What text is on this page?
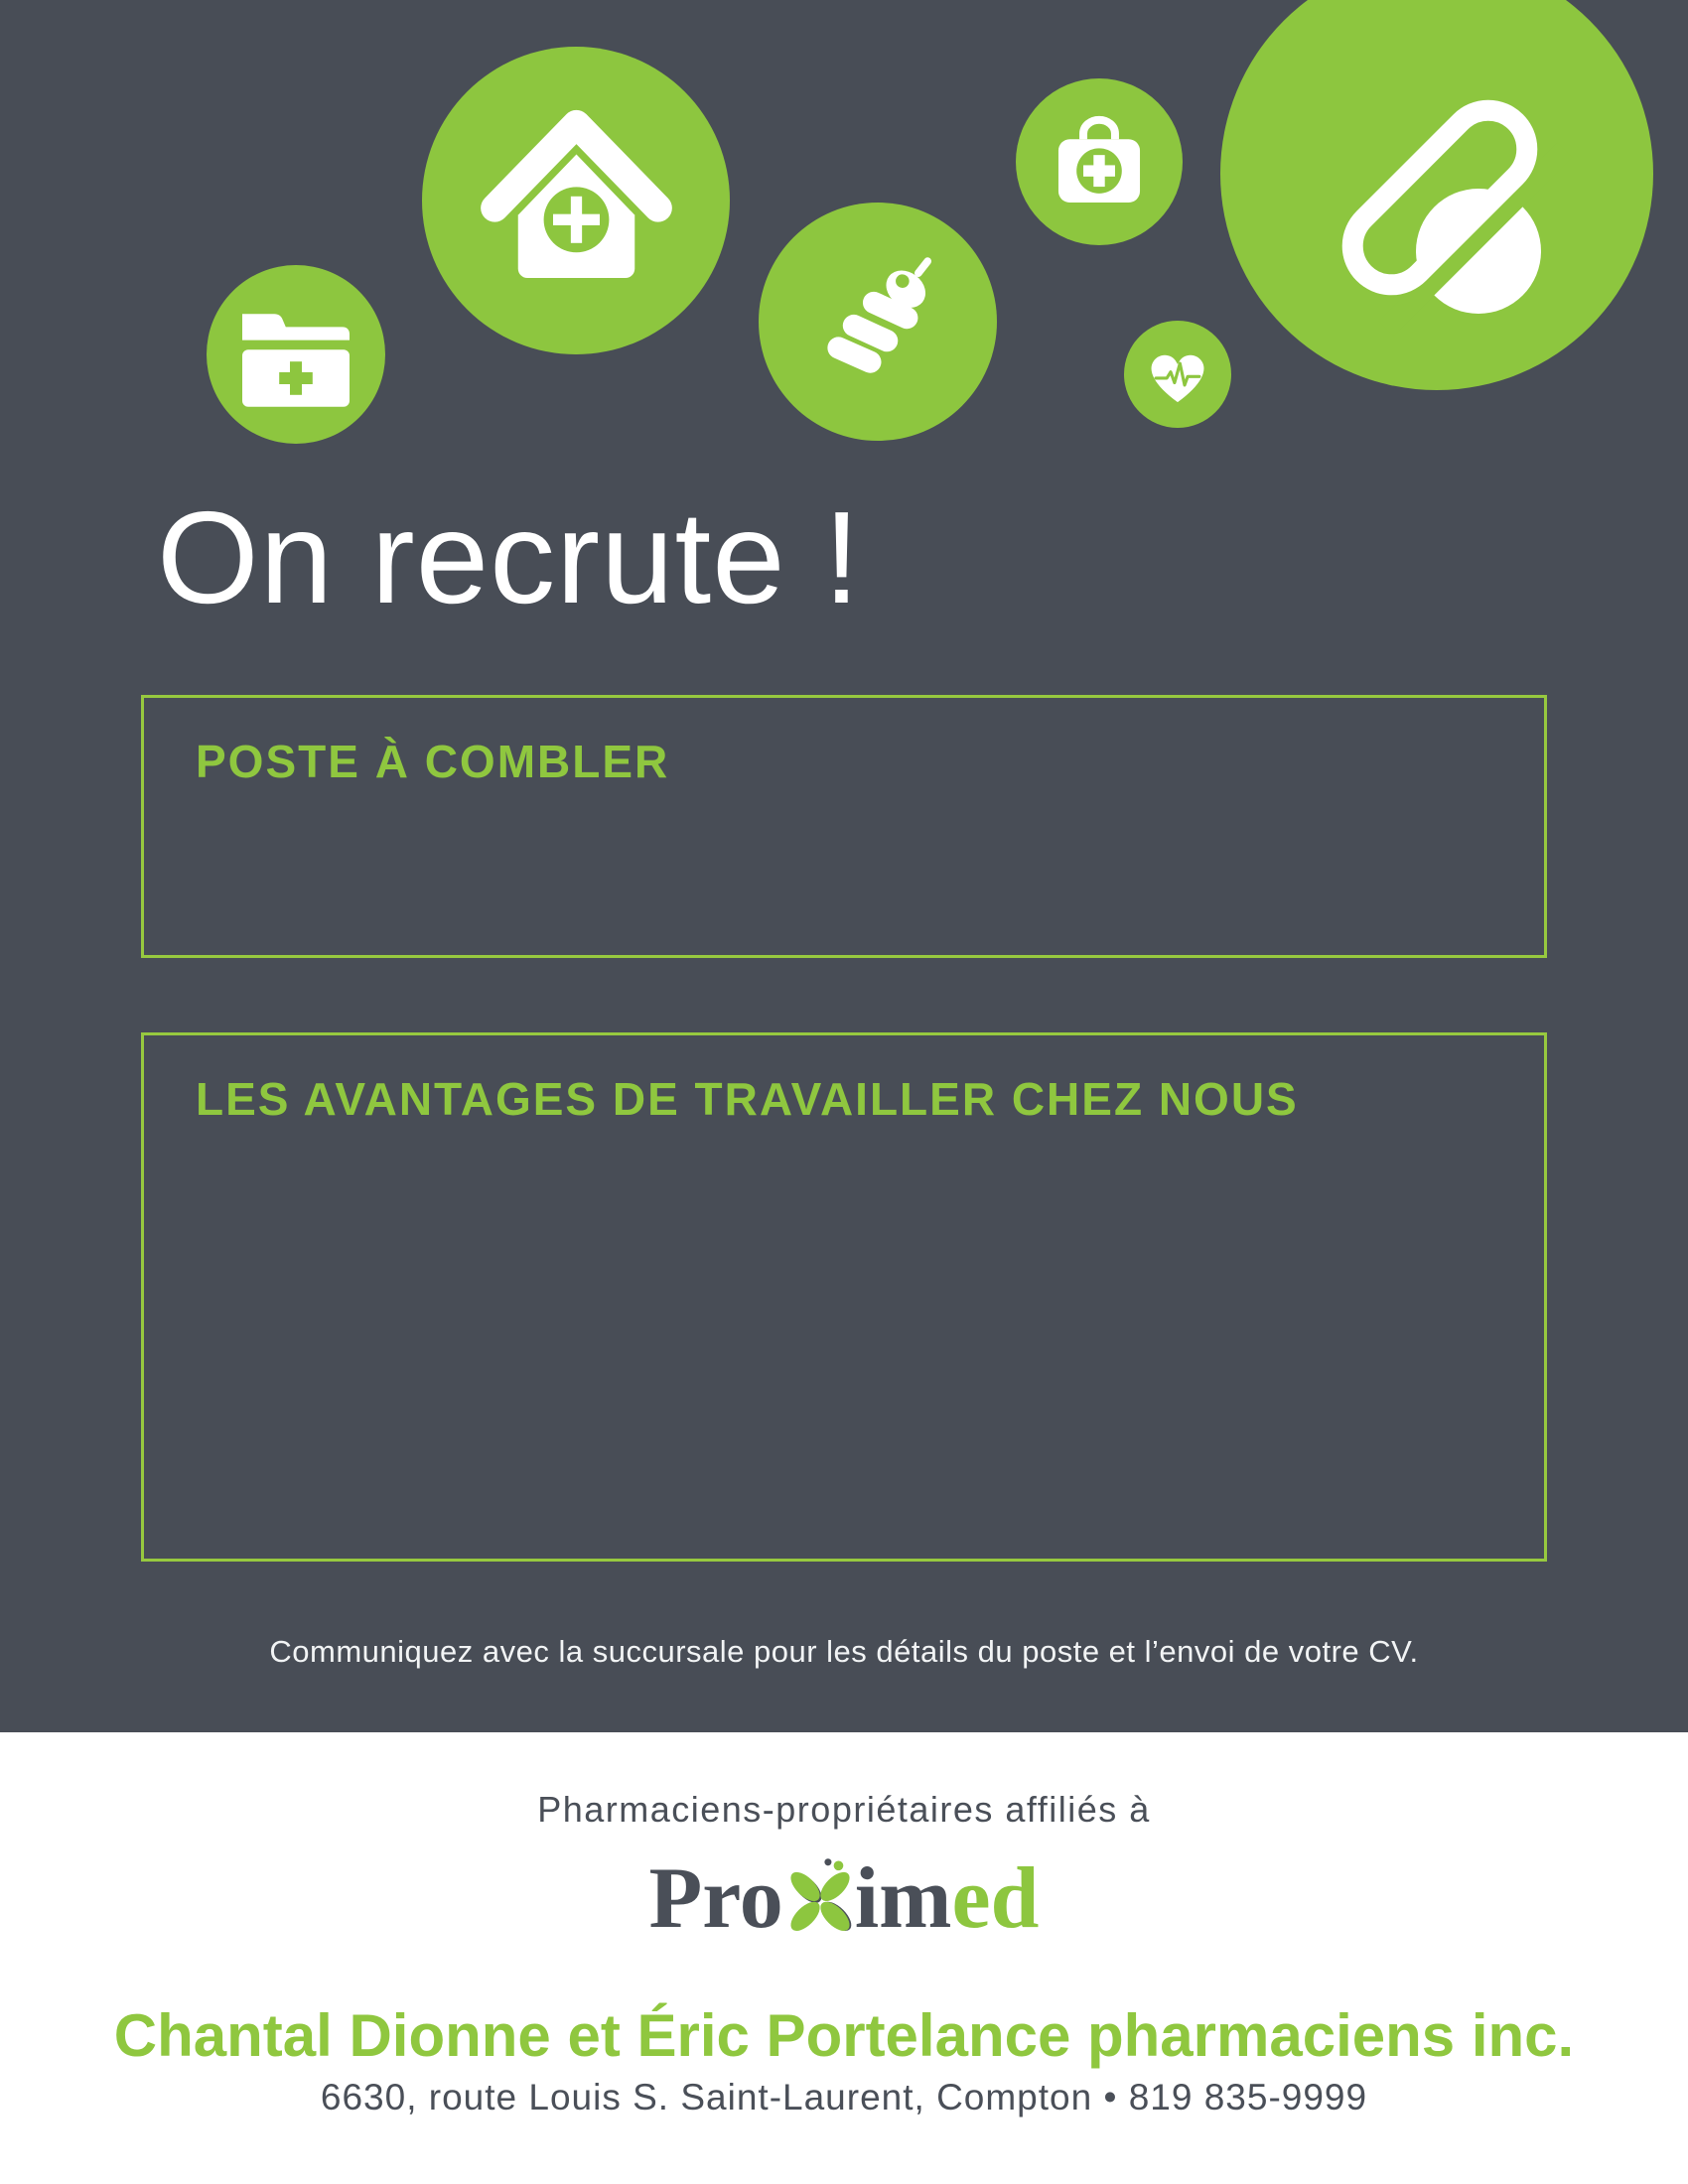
On recrute !

POSTE À COMBLER

LES AVANTAGES DE TRAVAILLER CHEZ NOUS

Communiquez avec la succursale pour les détails du poste et l’envoi de votre CV.

Pharmaciens-propriétaires affiliés à

Pro im ed
Chantal Dionne et Éric Portelance pharmaciens inc.

6630, route Louis S. Saint-Laurent, Compton • 819 835-9999
